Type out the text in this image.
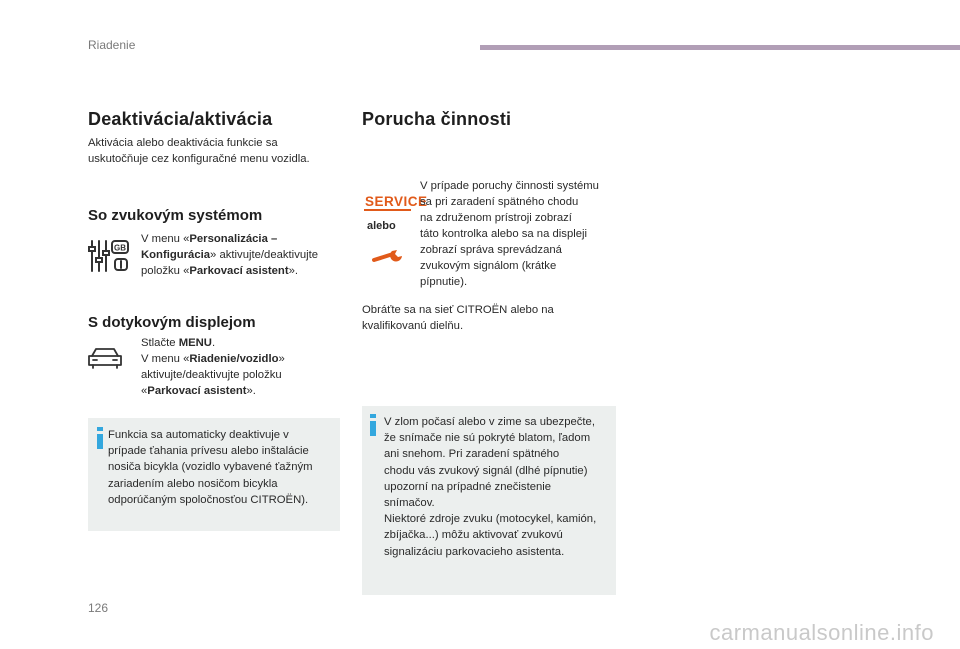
Riadenie
Deaktivácia/aktivácia
Aktivácia alebo deaktivácia funkcie sa
uskutočňuje cez konfiguračné menu vozidla.
So zvukovým systémom
GB
V menu «Personalizácia –
Konfigurácia» aktivujte/deaktivujte
položku «Parkovací asistent».
S dotykovým displejom
Stlačte MENU.
V menu «Riadenie/vozidlo»
aktivujte/deaktivujte položku
«Parkovací asistent».
Funkcia sa automaticky deaktivuje v
prípade ťahania prívesu alebo inštalácie
nosiča bicykla (vozidlo vybavené ťažným
zariadením alebo nosičom bicykla
odporúčaným spoločnosťou CITROËN).
Porucha činnosti
SERVICE
alebo
V prípade poruchy činnosti systému
sa pri zaradení spätného chodu
na združenom prístroji zobrazí
táto kontrolka alebo sa na displeji
zobrazí správa sprevádzaná
zvukovým signálom (krátke
pípnutie).
Obráťte sa na sieť CITROËN alebo na
kvalifikovanú dielňu.
V zlom počasí alebo v zime sa ubezpečte,
že snímače nie sú pokryté blatom, ľadom
ani snehom. Pri zaradení spätného
chodu vás zvukový signál (dlhé pípnutie)
upozorní na prípadné znečistenie
snímačov.
Niektoré zdroje zvuku (motocykel, kamión,
zbíjačka...) môžu aktivovať zvukovú
signalizáciu parkovacieho asistenta.
126
carmanualsonline.info
